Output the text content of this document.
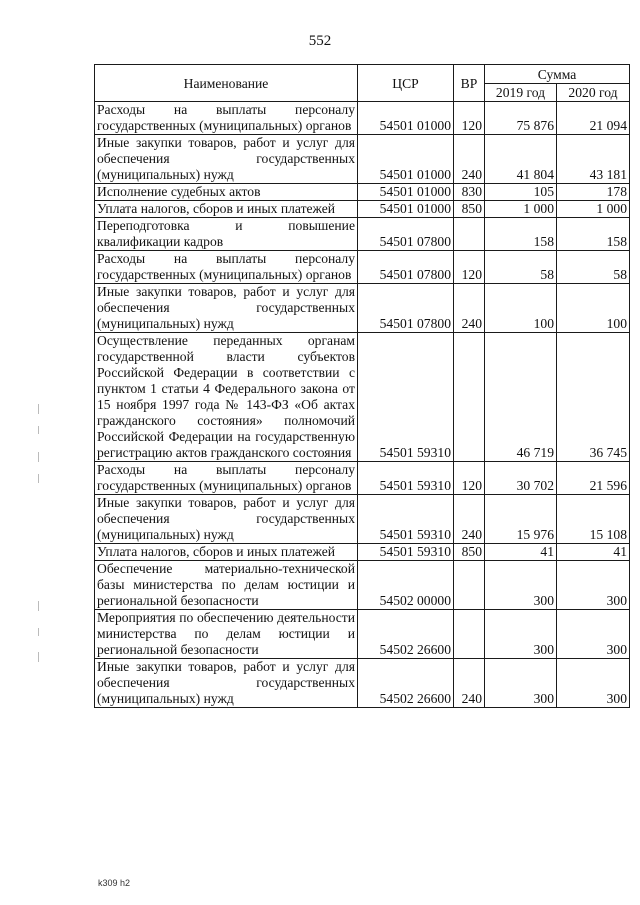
552
Наименование	ЦСР	ВР	Сумма	
			2019 год	2020 год
Расходы на выплаты персоналу государственных (муниципальных) органов	54501 01000	120	75 876	21 094
Иные закупки товаров, работ и услуг для обеспечения государственных (муниципальных) нужд	54501 01000	240	41 804	43 181
Исполнение судебных актов	54501 01000	830	105	178
Уплата налогов, сборов и иных платежей	54501 01000	850	1 000	1 000
Переподготовка и повышение квалификации кадров	54501 07800		158	158
Расходы на выплаты персоналу государственных (муниципальных) органов	54501 07800	120	58	58
Иные закупки товаров, работ и услуг для обеспечения государственных (муниципальных) нужд	54501 07800	240	100	100
Осуществление переданных органам государственной власти субъектов Российской Федерации в соответствии с пунктом 1 статьи 4 Федерального закона от 15 ноября 1997 года № 143-ФЗ «Об актах гражданского состояния» полномочий Российской Федерации на государственную регистрацию актов гражданского состояния	54501 59310		46 719	36 745
Расходы на выплаты персоналу государственных (муниципальных) органов	54501 59310	120	30 702	21 596
Иные закупки товаров, работ и услуг для обеспечения государственных (муниципальных) нужд	54501 59310	240	15 976	15 108
Уплата налогов, сборов и иных платежей	54501 59310	850	41	41
Обеспечение материально-технической базы министерства по делам юстиции и региональной безопасности	54502 00000		300	300
Мероприятия по обеспечению деятельности министерства по делам юстиции и региональной безопасности	54502 26600		300	300
Иные закупки товаров, работ и услуг для обеспечения государственных (муниципальных) нужд	54502 26600	240	300	300
k309 h2
